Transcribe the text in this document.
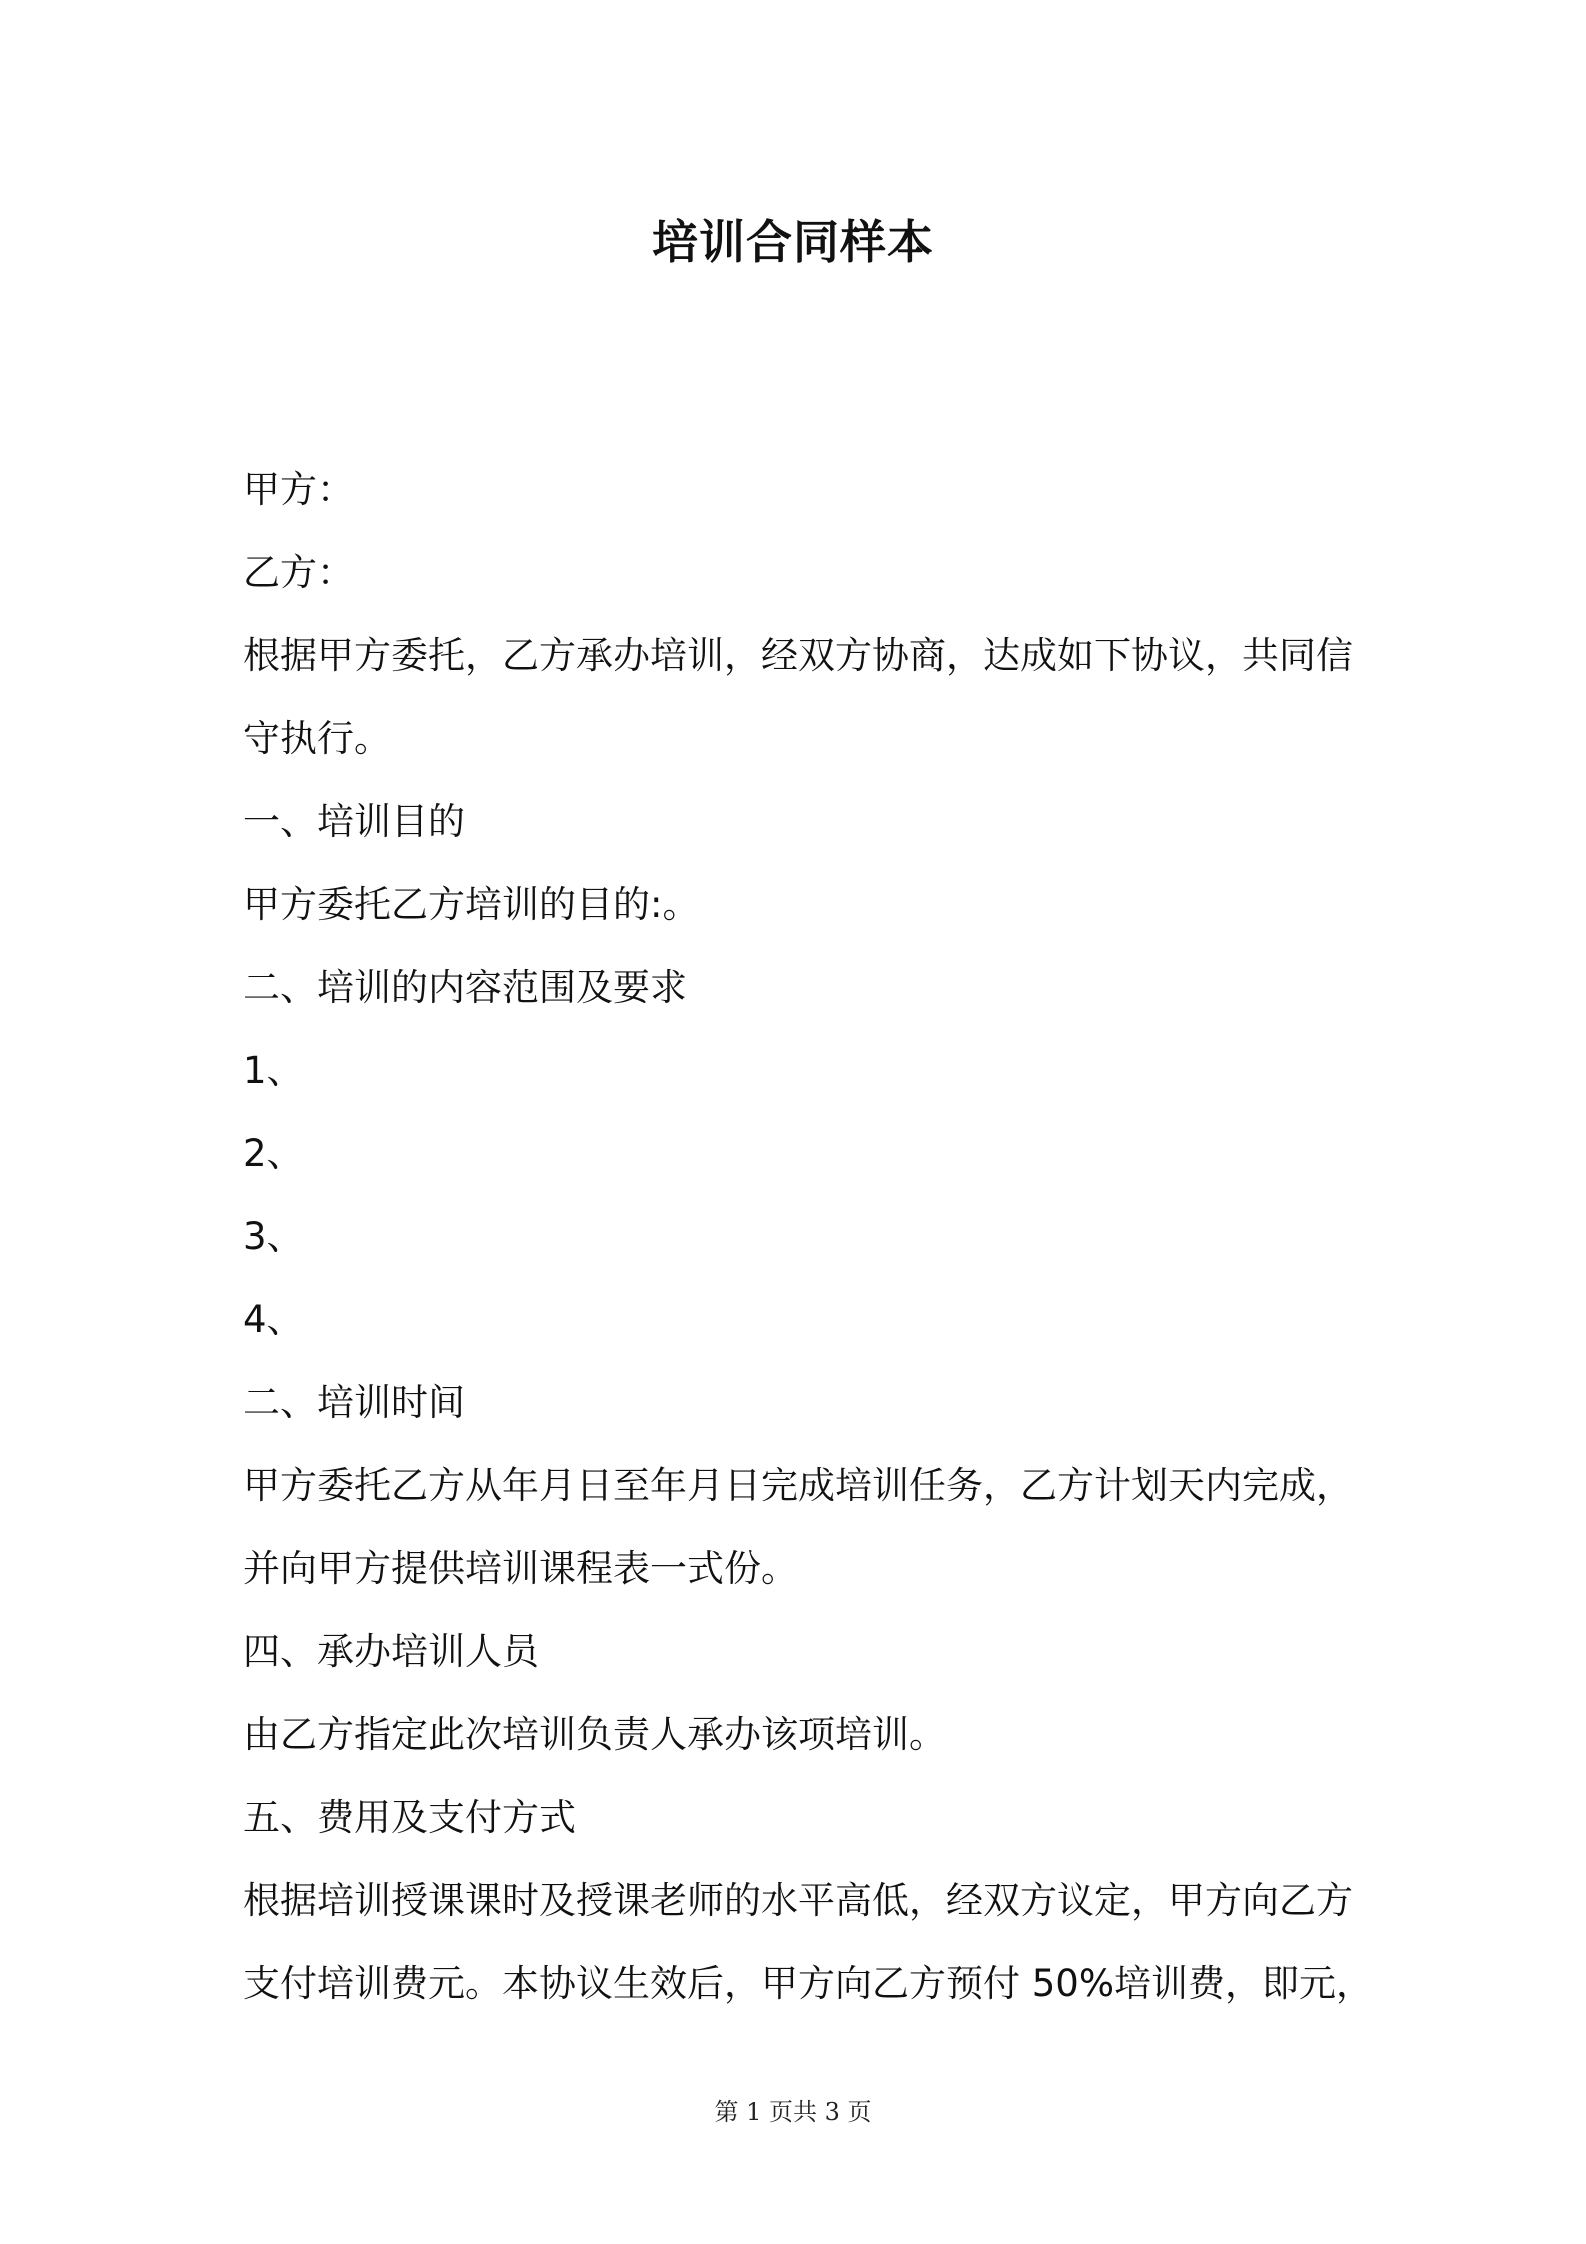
培训合同样本
甲方：
乙方：
根据甲方委托，乙方承办培训，经双方协商，达成如下协议，共同信
守执行。
一、培训目的
甲方委托乙方培训的目的:。
二、培训的内容范围及要求
1、
2、
3、
4、
二、培训时间
甲方委托乙方从年月日至年月日完成培训任务，乙方计划天内完成，
并向甲方提供培训课程表一式份。
四、承办培训人员
由乙方指定此次培训负责人承办该项培训。
五、费用及支付方式
根据培训授课课时及授课老师的水平高低，经双方议定，甲方向乙方
支付培训费元。本协议生效后，甲方向乙方预付 50%培训费，即元，
第 1 页共 3 页
